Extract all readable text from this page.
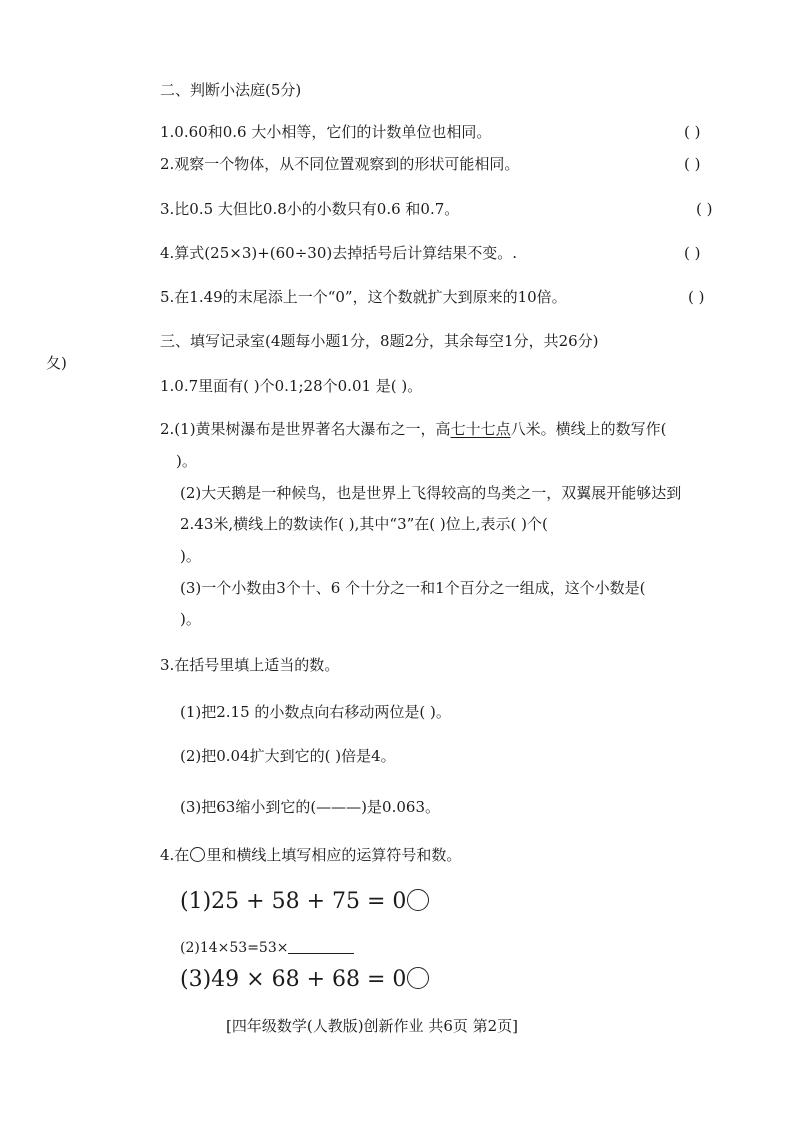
二、判断小法庭(5分)
1.0.60和0.6 大小相等，它们的计数单位也相同。	( )
2.观察一个物体，从不同位置观察到的形状可能相同。	( )
3.比0.5 大但比0.8小的小数只有0.6 和0.7。	( )
4.算式(25×3)+(60÷30)去掉括号后计算结果不变。.	( )
5.在1.49的末尾添上一个“0”，这个数就扩大到原来的10倍。	( )
三、填写记录室(4题每小题1分，8题2分，其余每空1分，共26分)
夂)
1.0.7里面有( )个0.1;28个0.01 是( )。
2.(1)黄果树瀑布是世界著名大瀑布之一，高七十七点八米。横线上的数写作(
)。
(2)大天鹅是一种候鸟，也是世界上飞得较高的鸟类之一，双翼展开能够达到
2.43米,横线上的数读作( ),其中“3”在( )位上,表示( )个(
)。
(3)一个小数由3个十、6 个十分之一和1个百分之一组成，这个小数是(
)。
3.在括号里填上适当的数。
(1)把2.15 的小数点向右移动两位是( )。
(2)把0.04扩大到它的( )倍是4。
(3)把63缩小到它的(———)是0.063。
4.在 里和横线上填写相应的运算符号和数。
(1)25 + 58 + 75 = 0
(2)14×53=53×
(3)49 × 68 + 68 = 0
[四年级数学(人教版)创新作业 共6页 第2页]
